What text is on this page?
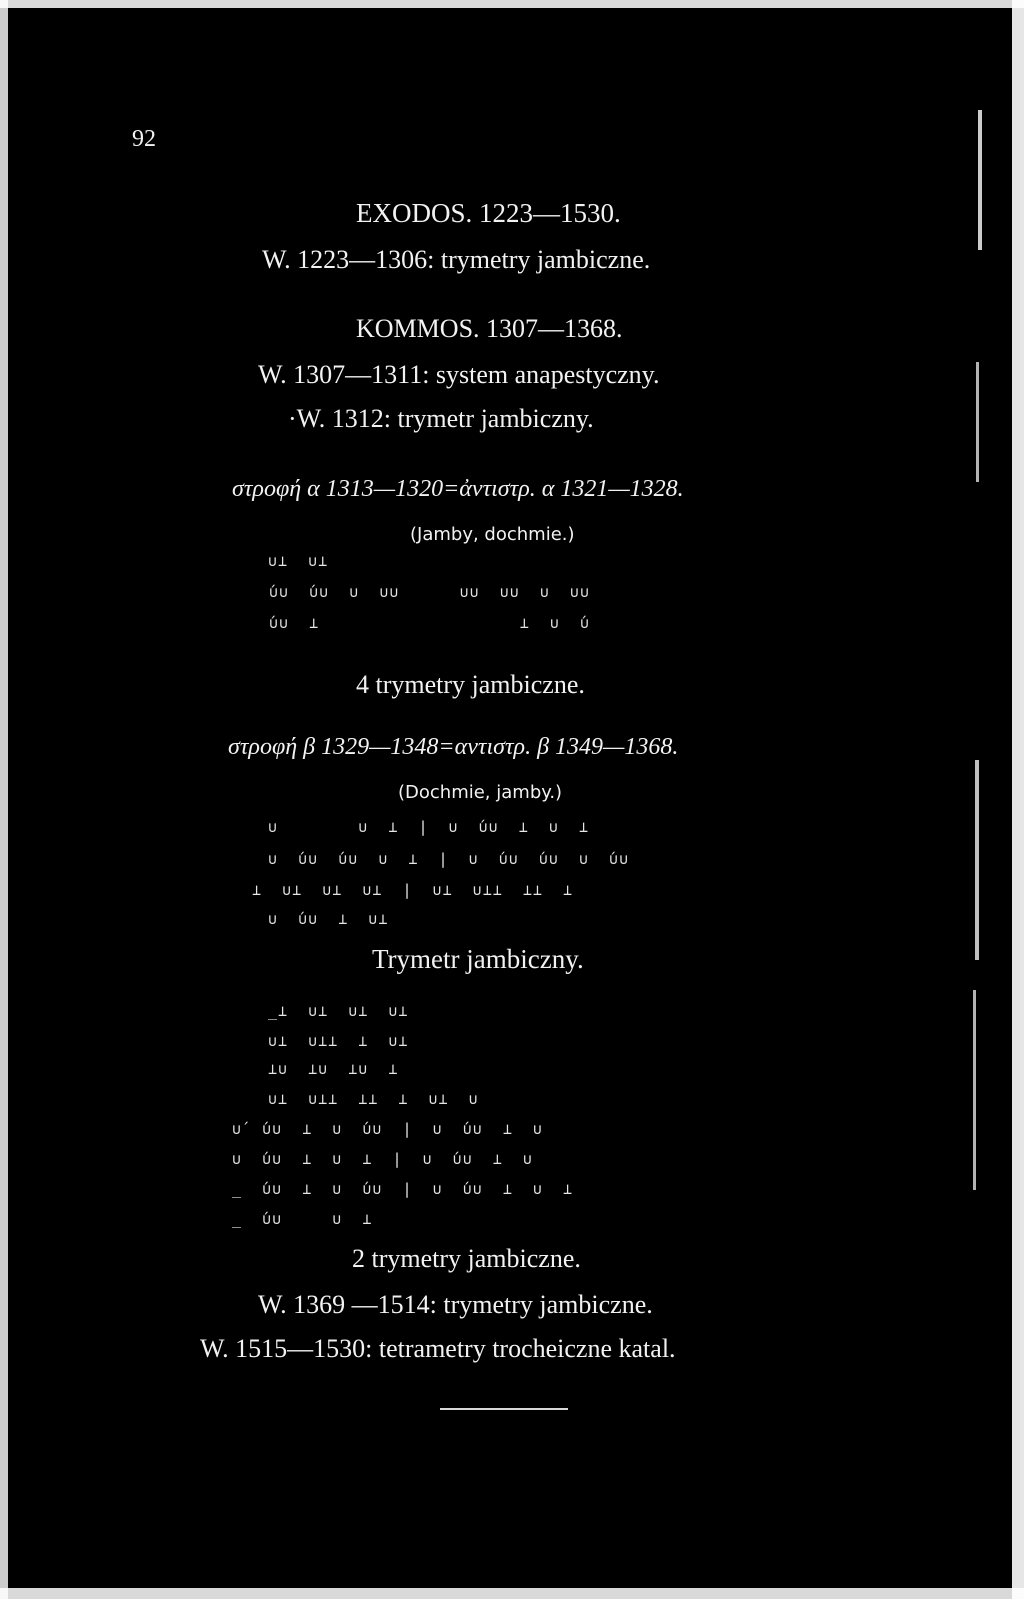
92
EXODOS. 1223—1530.
W. 1223—1306: trymetry jambiczne.
KOMMOS. 1307—1368.
W. 1307—1311: system anapestyczny.
·W. 1312: trymetr jambiczny.
στροφή α 1313—1320=ἀντιστρ. α 1321—1328.
(Jamby, dochmie.)
∪⊥  ∪⊥
́∪∪  ́∪∪  ∪  ∪∪      ∪∪  ∪∪  ∪  ∪∪
́∪∪  ⊥                    ⊥  ∪  ́∪
4 trymetry jambiczne.
στροφή β 1329—1348=αντιστρ. β 1349—1368.
(Dochmie, jamby.)
∪        ∪  ⊥  |  ∪  ́∪∪  ⊥  ∪  ⊥
∪  ́∪∪  ́∪∪  ∪  ⊥  |  ∪  ́∪∪  ́∪∪  ∪  ́∪∪
⊥  ∪⊥  ∪⊥  ∪⊥  |  ∪⊥  ∪⊥⊥  ⊥⊥  ⊥
∪  ́∪∪  ⊥  ∪⊥
Trymetr jambiczny.
_⊥  ∪⊥  ∪⊥  ∪⊥
∪⊥  ∪⊥⊥  ⊥  ∪⊥
⊥∪  ⊥∪  ⊥∪  ⊥
∪⊥  ∪⊥⊥  ⊥⊥  ⊥  ∪⊥  ∪
∪́  ́∪∪  ⊥  ∪  ́∪∪  |  ∪  ́∪∪  ⊥  ∪
∪  ́∪∪  ⊥  ∪  ⊥  |  ∪  ́∪∪  ⊥  ∪
_  ́∪∪  ⊥  ∪  ́∪∪  |  ∪  ́∪∪  ⊥  ∪  ⊥
_  ́∪∪     ∪  ⊥
2 trymetry jambiczne.
W. 1369 —1514: trymetry jambiczne.
W. 1515—1530: tetrametry trocheiczne katal.
